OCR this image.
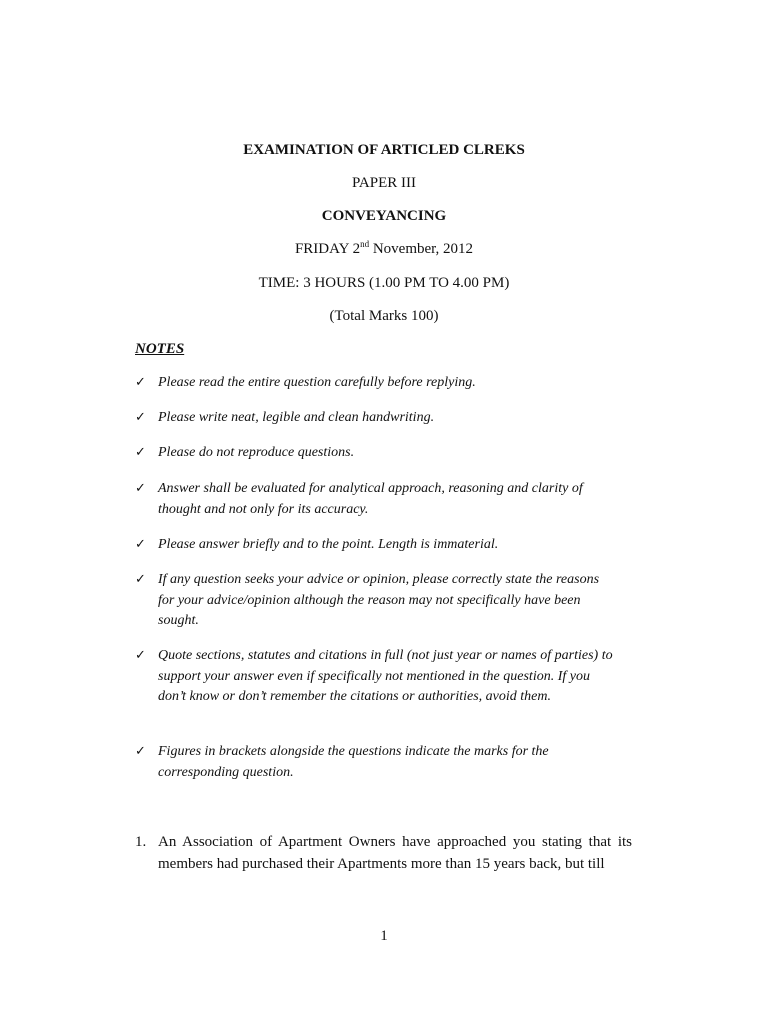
EXAMINATION OF ARTICLED CLREKS

PAPER III

CONVEYANCING

FRIDAY 2nd November, 2012

TIME: 3 HOURS (1.00 PM TO 4.00 PM)

(Total Marks 100)

NOTES

✓ Please read the entire question carefully before replying.
✓ Please write neat, legible and clean handwriting.
✓ Please do not reproduce questions.
✓ Answer shall be evaluated for analytical approach, reasoning and clarity of thought and not only for its accuracy.
✓ Please answer briefly and to the point. Length is immaterial.
✓ If any question seeks your advice or opinion, please correctly state the reasons for your advice/opinion although the reason may not specifically have been sought.
✓ Quote sections, statutes and citations in full (not just year or names of parties) to support your answer even if specifically not mentioned in the question. If you don’t know or don’t remember the citations or authorities, avoid them.
✓ Figures in brackets alongside the questions indicate the marks for the corresponding question.
1. An Association of Apartment Owners have approached you stating that its members had purchased their Apartments more than 15 years back, but till

1
